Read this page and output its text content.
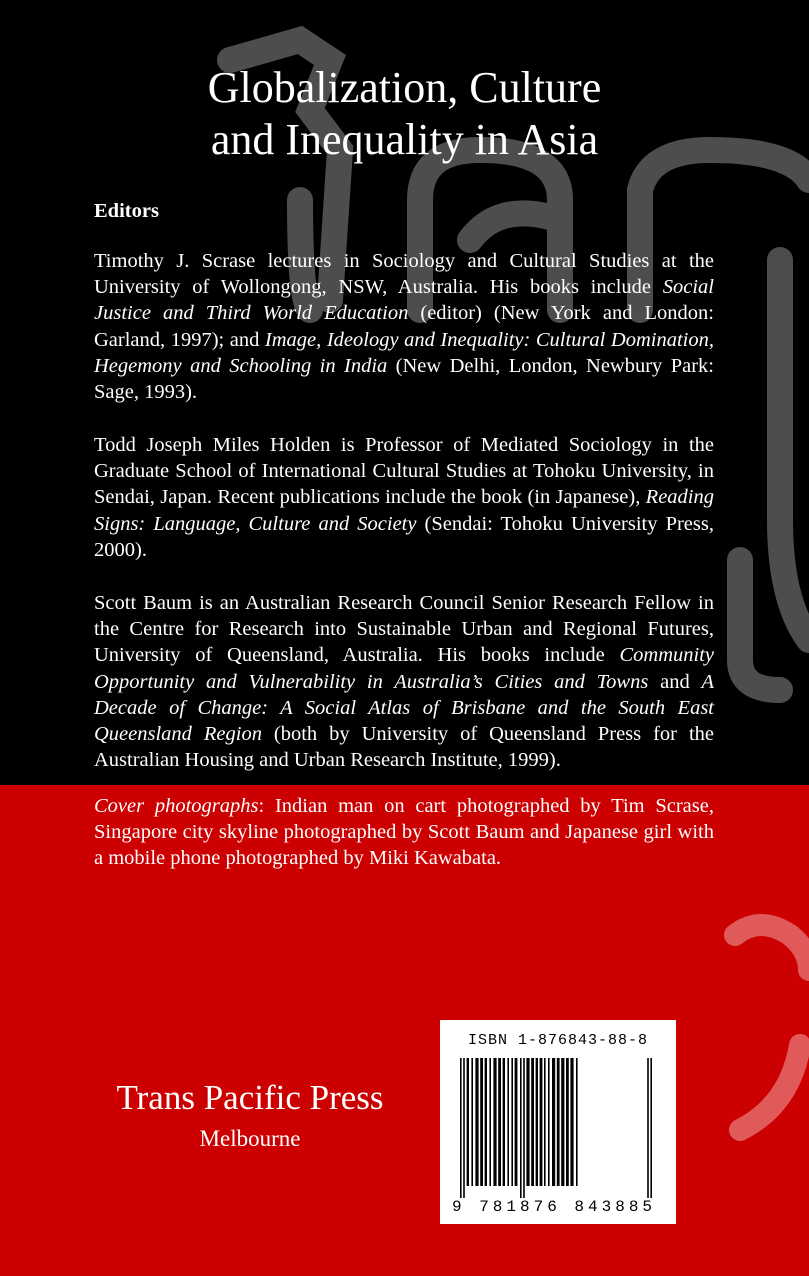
Globalization, Culture
and Inequality in Asia
Editors
Timothy J. Scrase lectures in Sociology and Cultural Studies at the University of Wollongong, NSW, Australia. His books include Social Justice and Third World Education (editor) (New York and London: Garland, 1997); and Image, Ideology and Inequality: Cultural Domination, Hegemony and Schooling in India (New Delhi, London, Newbury Park: Sage, 1993).
Todd Joseph Miles Holden is Professor of Mediated Sociology in the Graduate School of International Cultural Studies at Tohoku University, in Sendai, Japan. Recent publications include the book (in Japanese), Reading Signs: Language, Culture and Society (Sendai: Tohoku University Press, 2000).
Scott Baum is an Australian Research Council Senior Research Fellow in the Centre for Research into Sustainable Urban and Regional Futures, University of Queensland, Australia. His books include Community Opportunity and Vulnerability in Australia’s Cities and Towns and A Decade of Change: A Social Atlas of Brisbane and the South East Queensland Region (both by University of Queensland Press for the Australian Housing and Urban Research Institute, 1999).
Cover photographs: Indian man on cart photographed by Tim Scrase, Singapore city skyline photographed by Scott Baum and Japanese girl with a mobile phone photographed by Miki Kawabata.
Trans Pacific Press
Melbourne
ISBN 1-876843-88-8
9 781876 843885
